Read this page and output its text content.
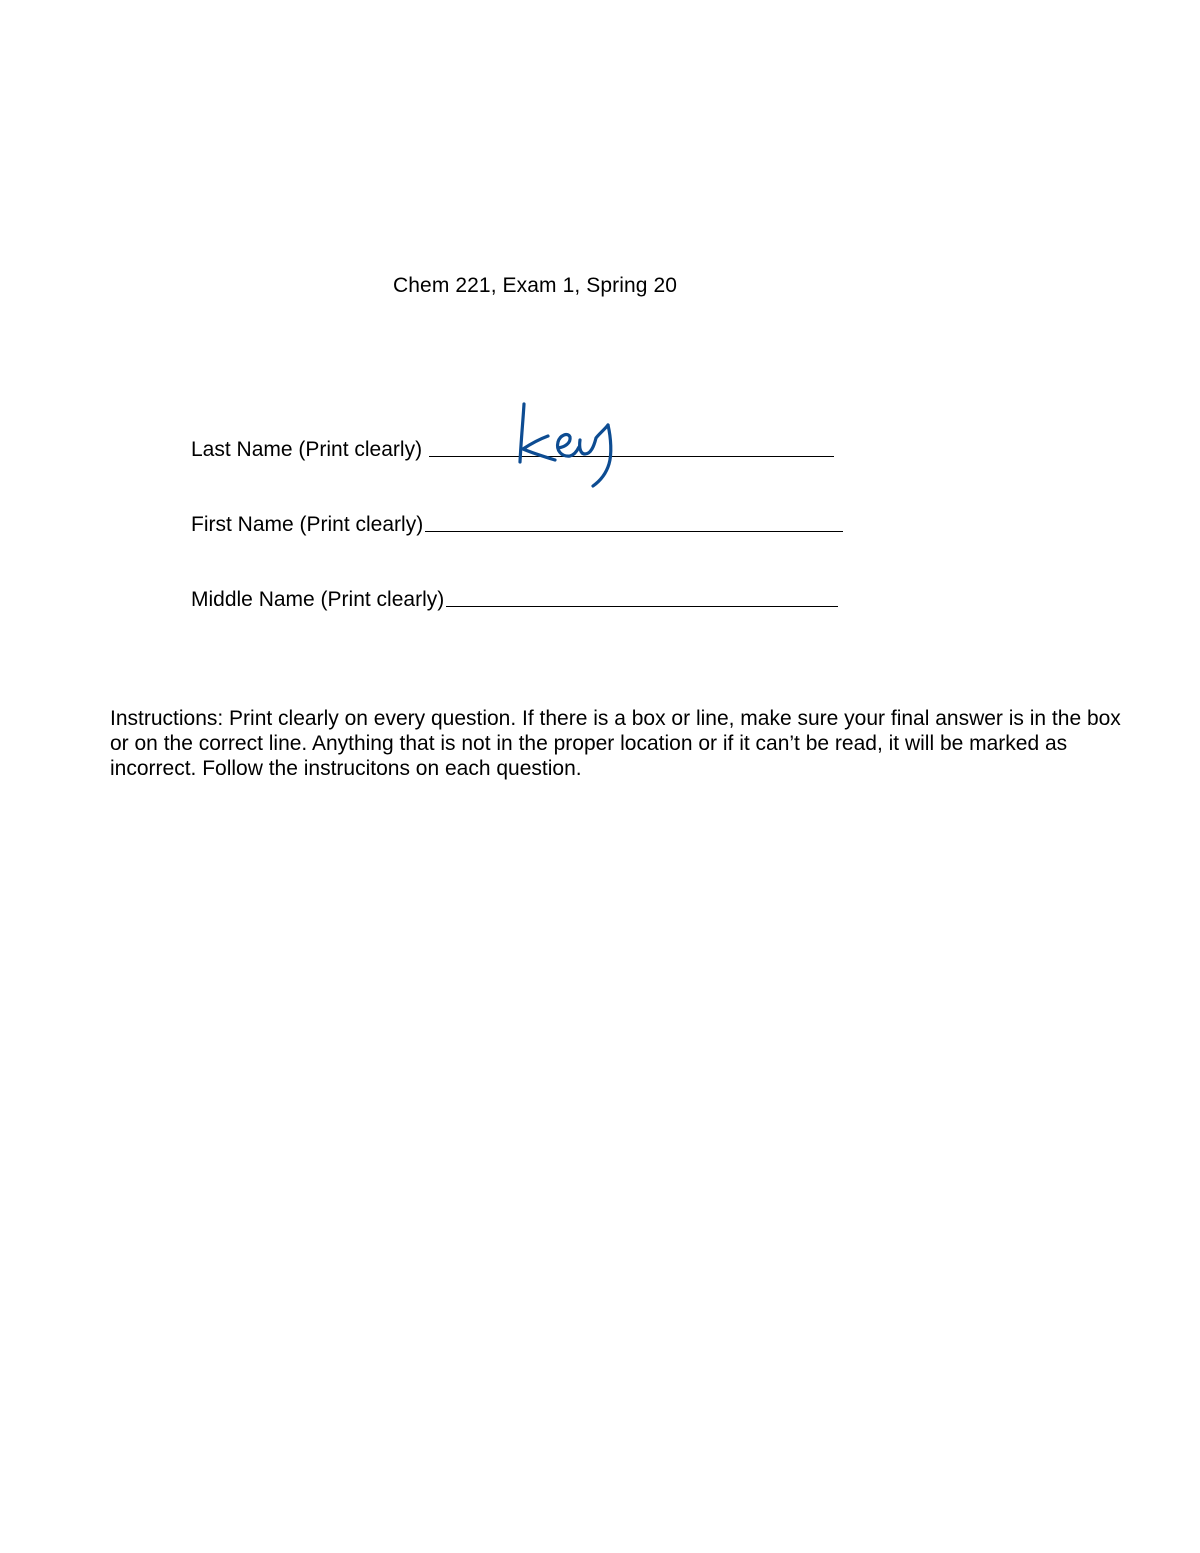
Chem 221, Exam 1, Spring 20
Last Name (Print clearly)
First Name (Print clearly)
Middle Name (Print clearly)

Instructions: Print clearly on every question. If there is a box or line, make sure your final answer is in the box or on the correct line. Anything that is not in the proper location or if it can’t be read, it will be marked as incorrect. Follow the instrucitons on each question.
